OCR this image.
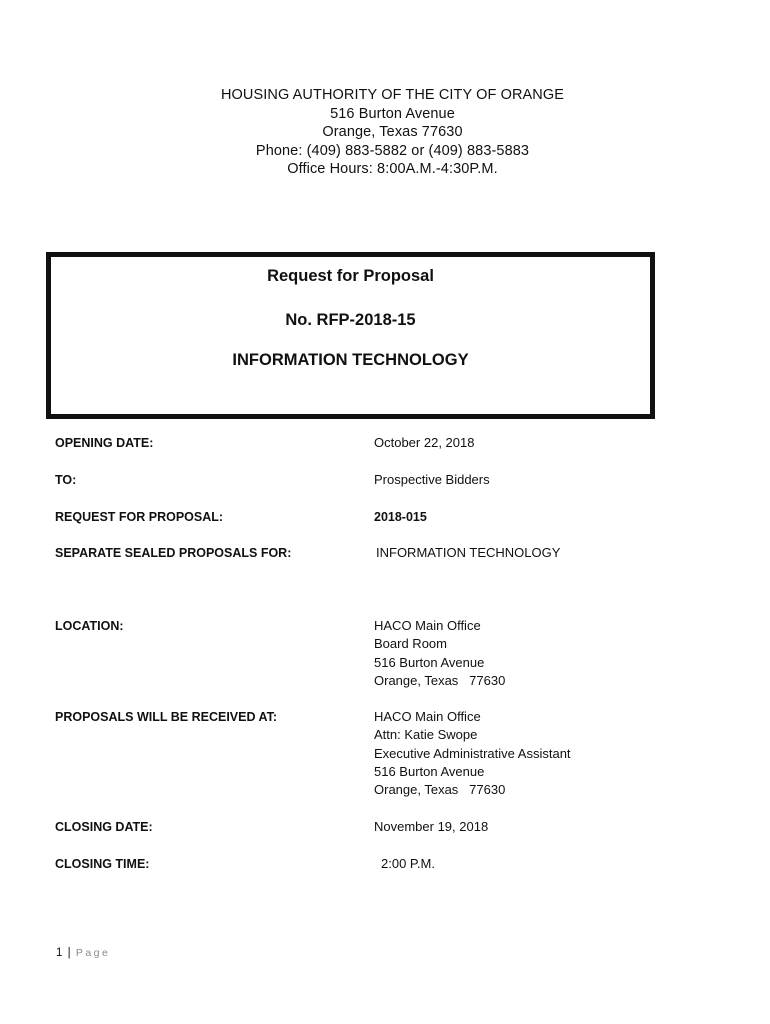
HOUSING AUTHORITY OF THE CITY OF ORANGE
516 Burton Avenue
Orange, Texas 77630
Phone: (409) 883-5882 or (409) 883-5883
Office Hours: 8:00A.M.-4:30P.M.
Request for Proposal
No. RFP-2018-15
INFORMATION TECHNOLOGY
OPENING DATE:	October 22, 2018
TO:	Prospective Bidders
REQUEST FOR PROPOSAL:	2018-015
SEPARATE SEALED PROPOSALS FOR:	INFORMATION TECHNOLOGY
LOCATION:	HACO Main Office
Board Room
516 Burton Avenue
Orange, Texas   77630
PROPOSALS WILL BE RECEIVED AT:	HACO Main Office
Attn: Katie Swope
Executive Administrative Assistant
516 Burton Avenue
Orange, Texas   77630
CLOSING DATE:	November 19, 2018
CLOSING TIME:	2:00 P.M.
1 | Page
